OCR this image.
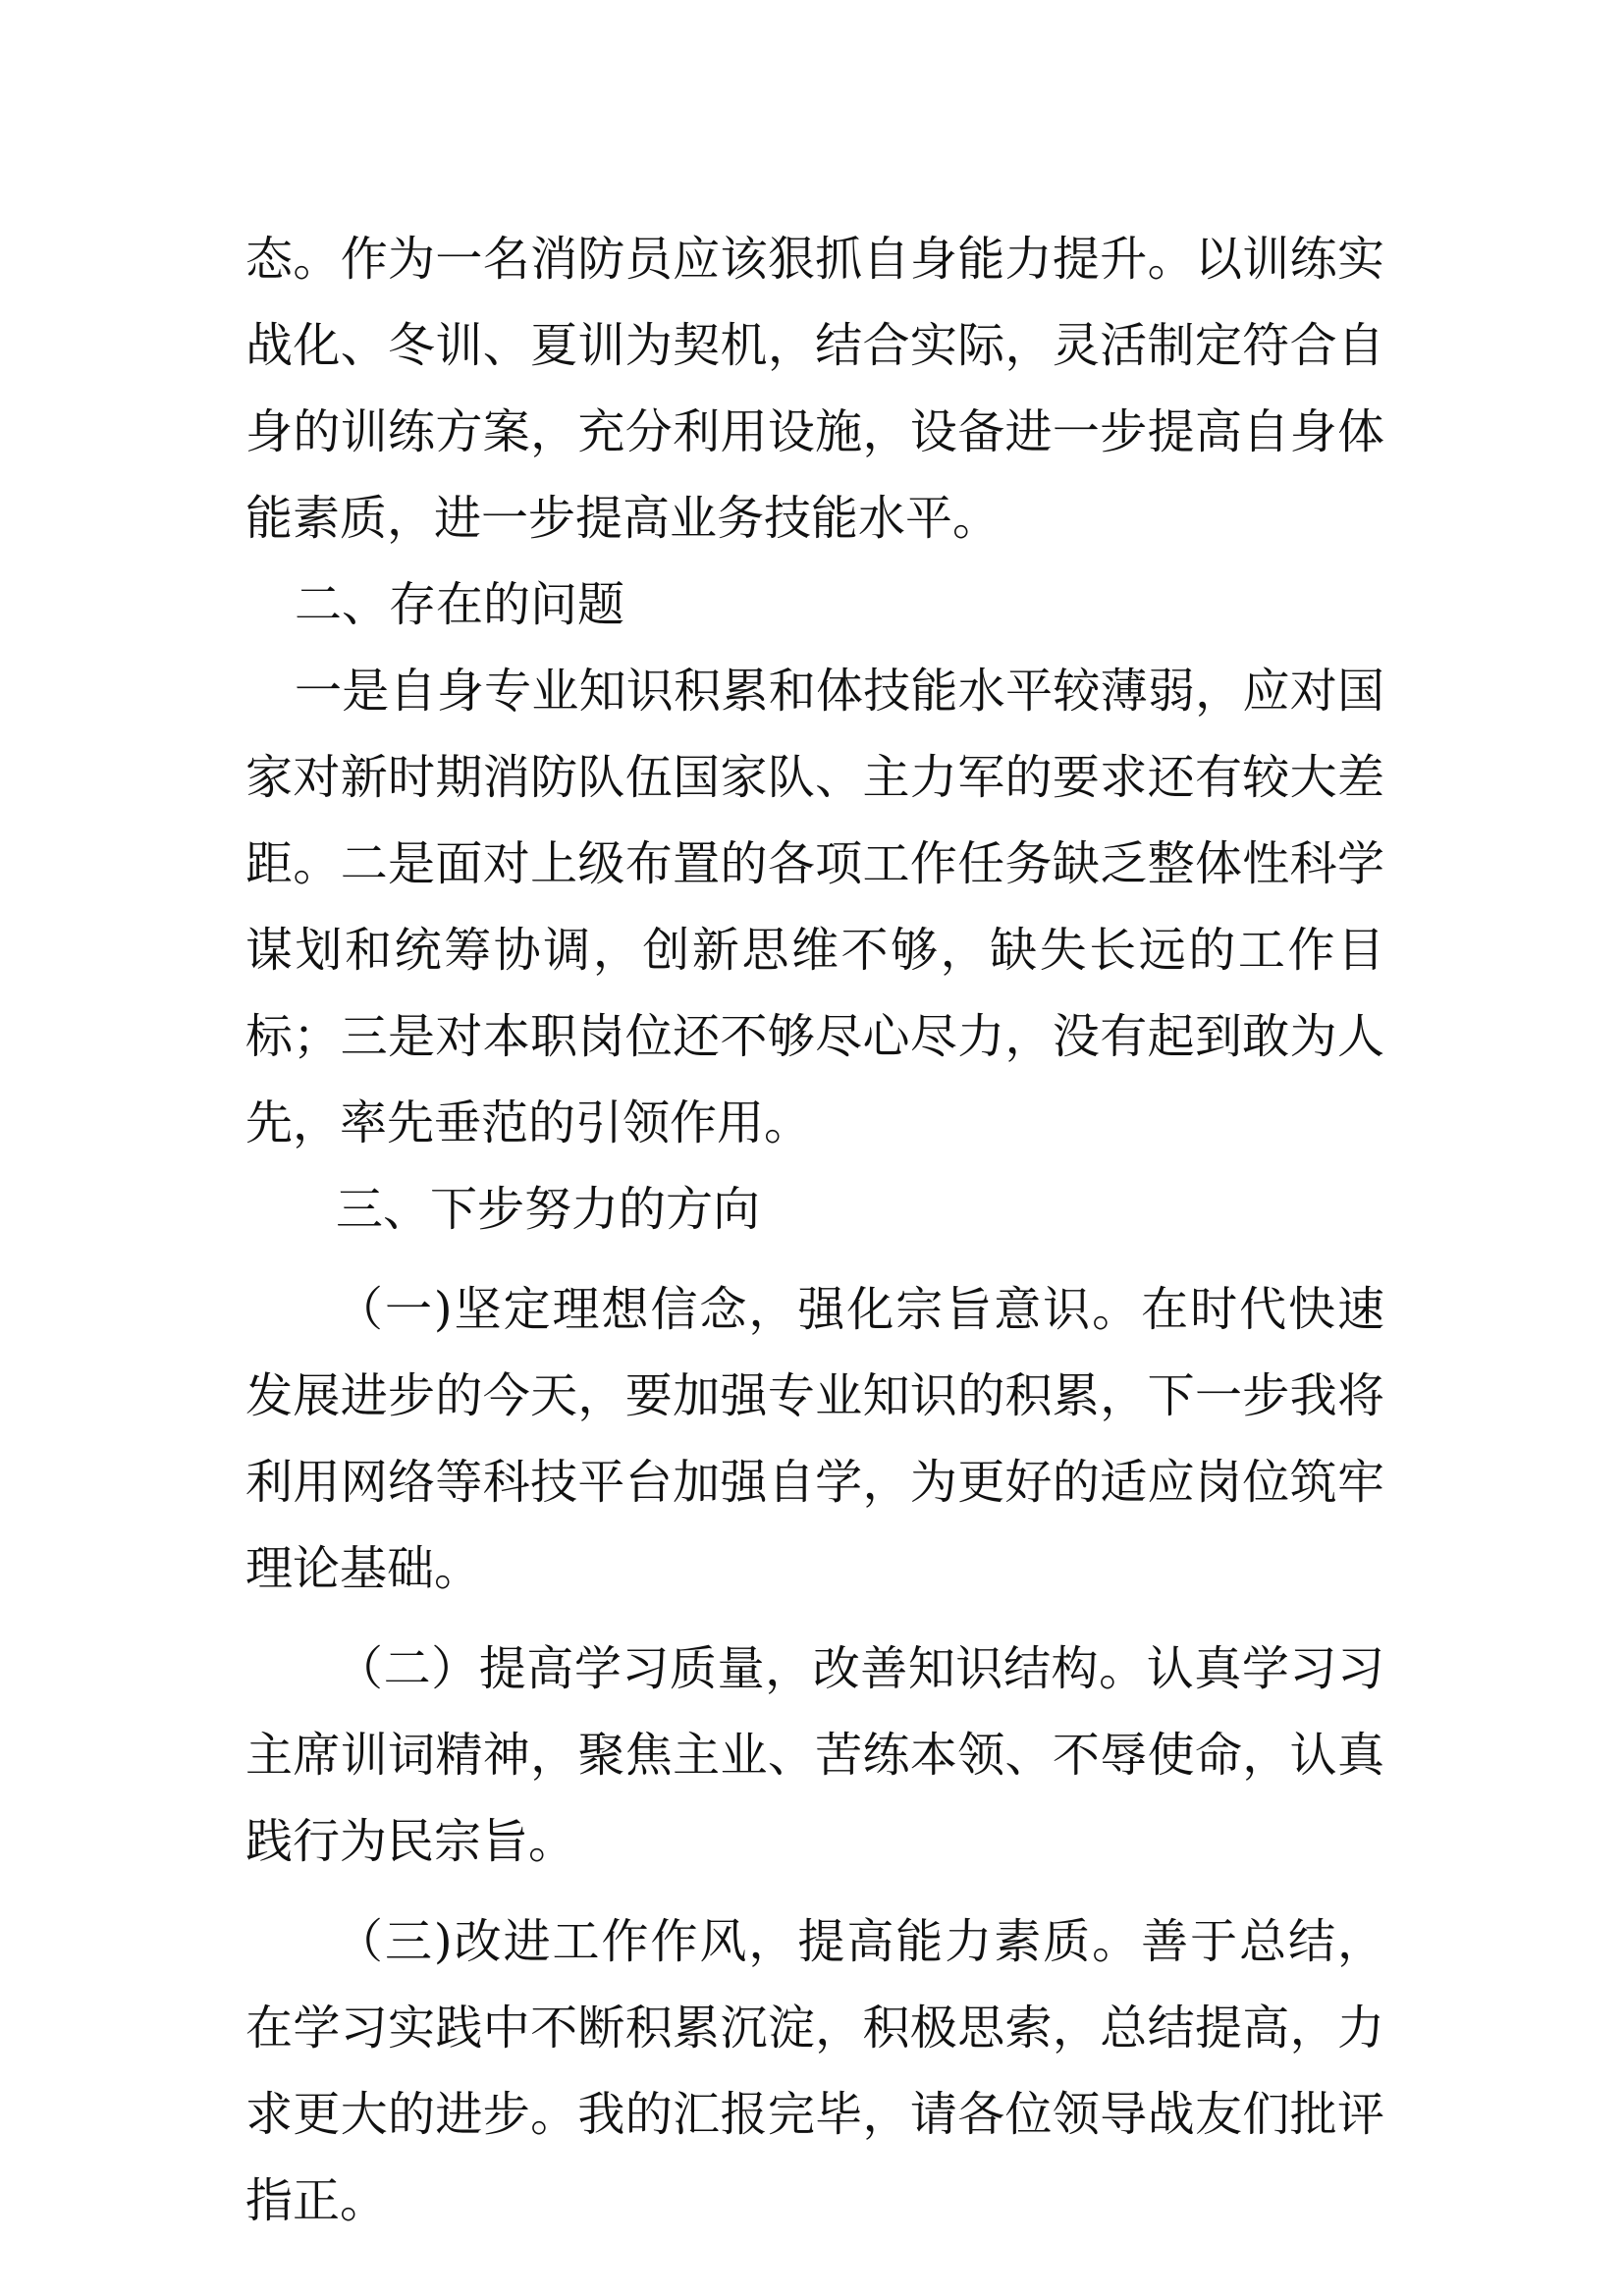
态。作为一名消防员应该狠抓自身能力提升。以训练实战化、冬训、夏训为契机，结合实际，灵活制定符合自身的训练方案，充分利用设施，设备进一步提高自身体能素质，进一步提高业务技能水平。

二、存在的问题

一是自身专业知识积累和体技能水平较薄弱，应对国家对新时期消防队伍国家队、主力军的要求还有较大差距。二是面对上级布置的各项工作任务缺乏整体性科学谋划和统筹协调，创新思维不够，缺失长远的工作目标；三是对本职岗位还不够尽心尽力，没有起到敢为人先，率先垂范的引领作用。

三、下步努力的方向

（一)坚定理想信念，强化宗旨意识。在时代快速发展进步的今天，要加强专业知识的积累，下一步我将利用网络等科技平台加强自学，为更好的适应岗位筑牢理论基础。

（二）提高学习质量，改善知识结构。认真学习习主席训词精神，聚焦主业、苦练本领、不辱使命，认真践行为民宗旨。

（三)改进工作作风，提高能力素质。善于总结，在学习实践中不断积累沉淀，积极思索，总结提高，力求更大的进步。我的汇报完毕，请各位领导战友们批评指正。
